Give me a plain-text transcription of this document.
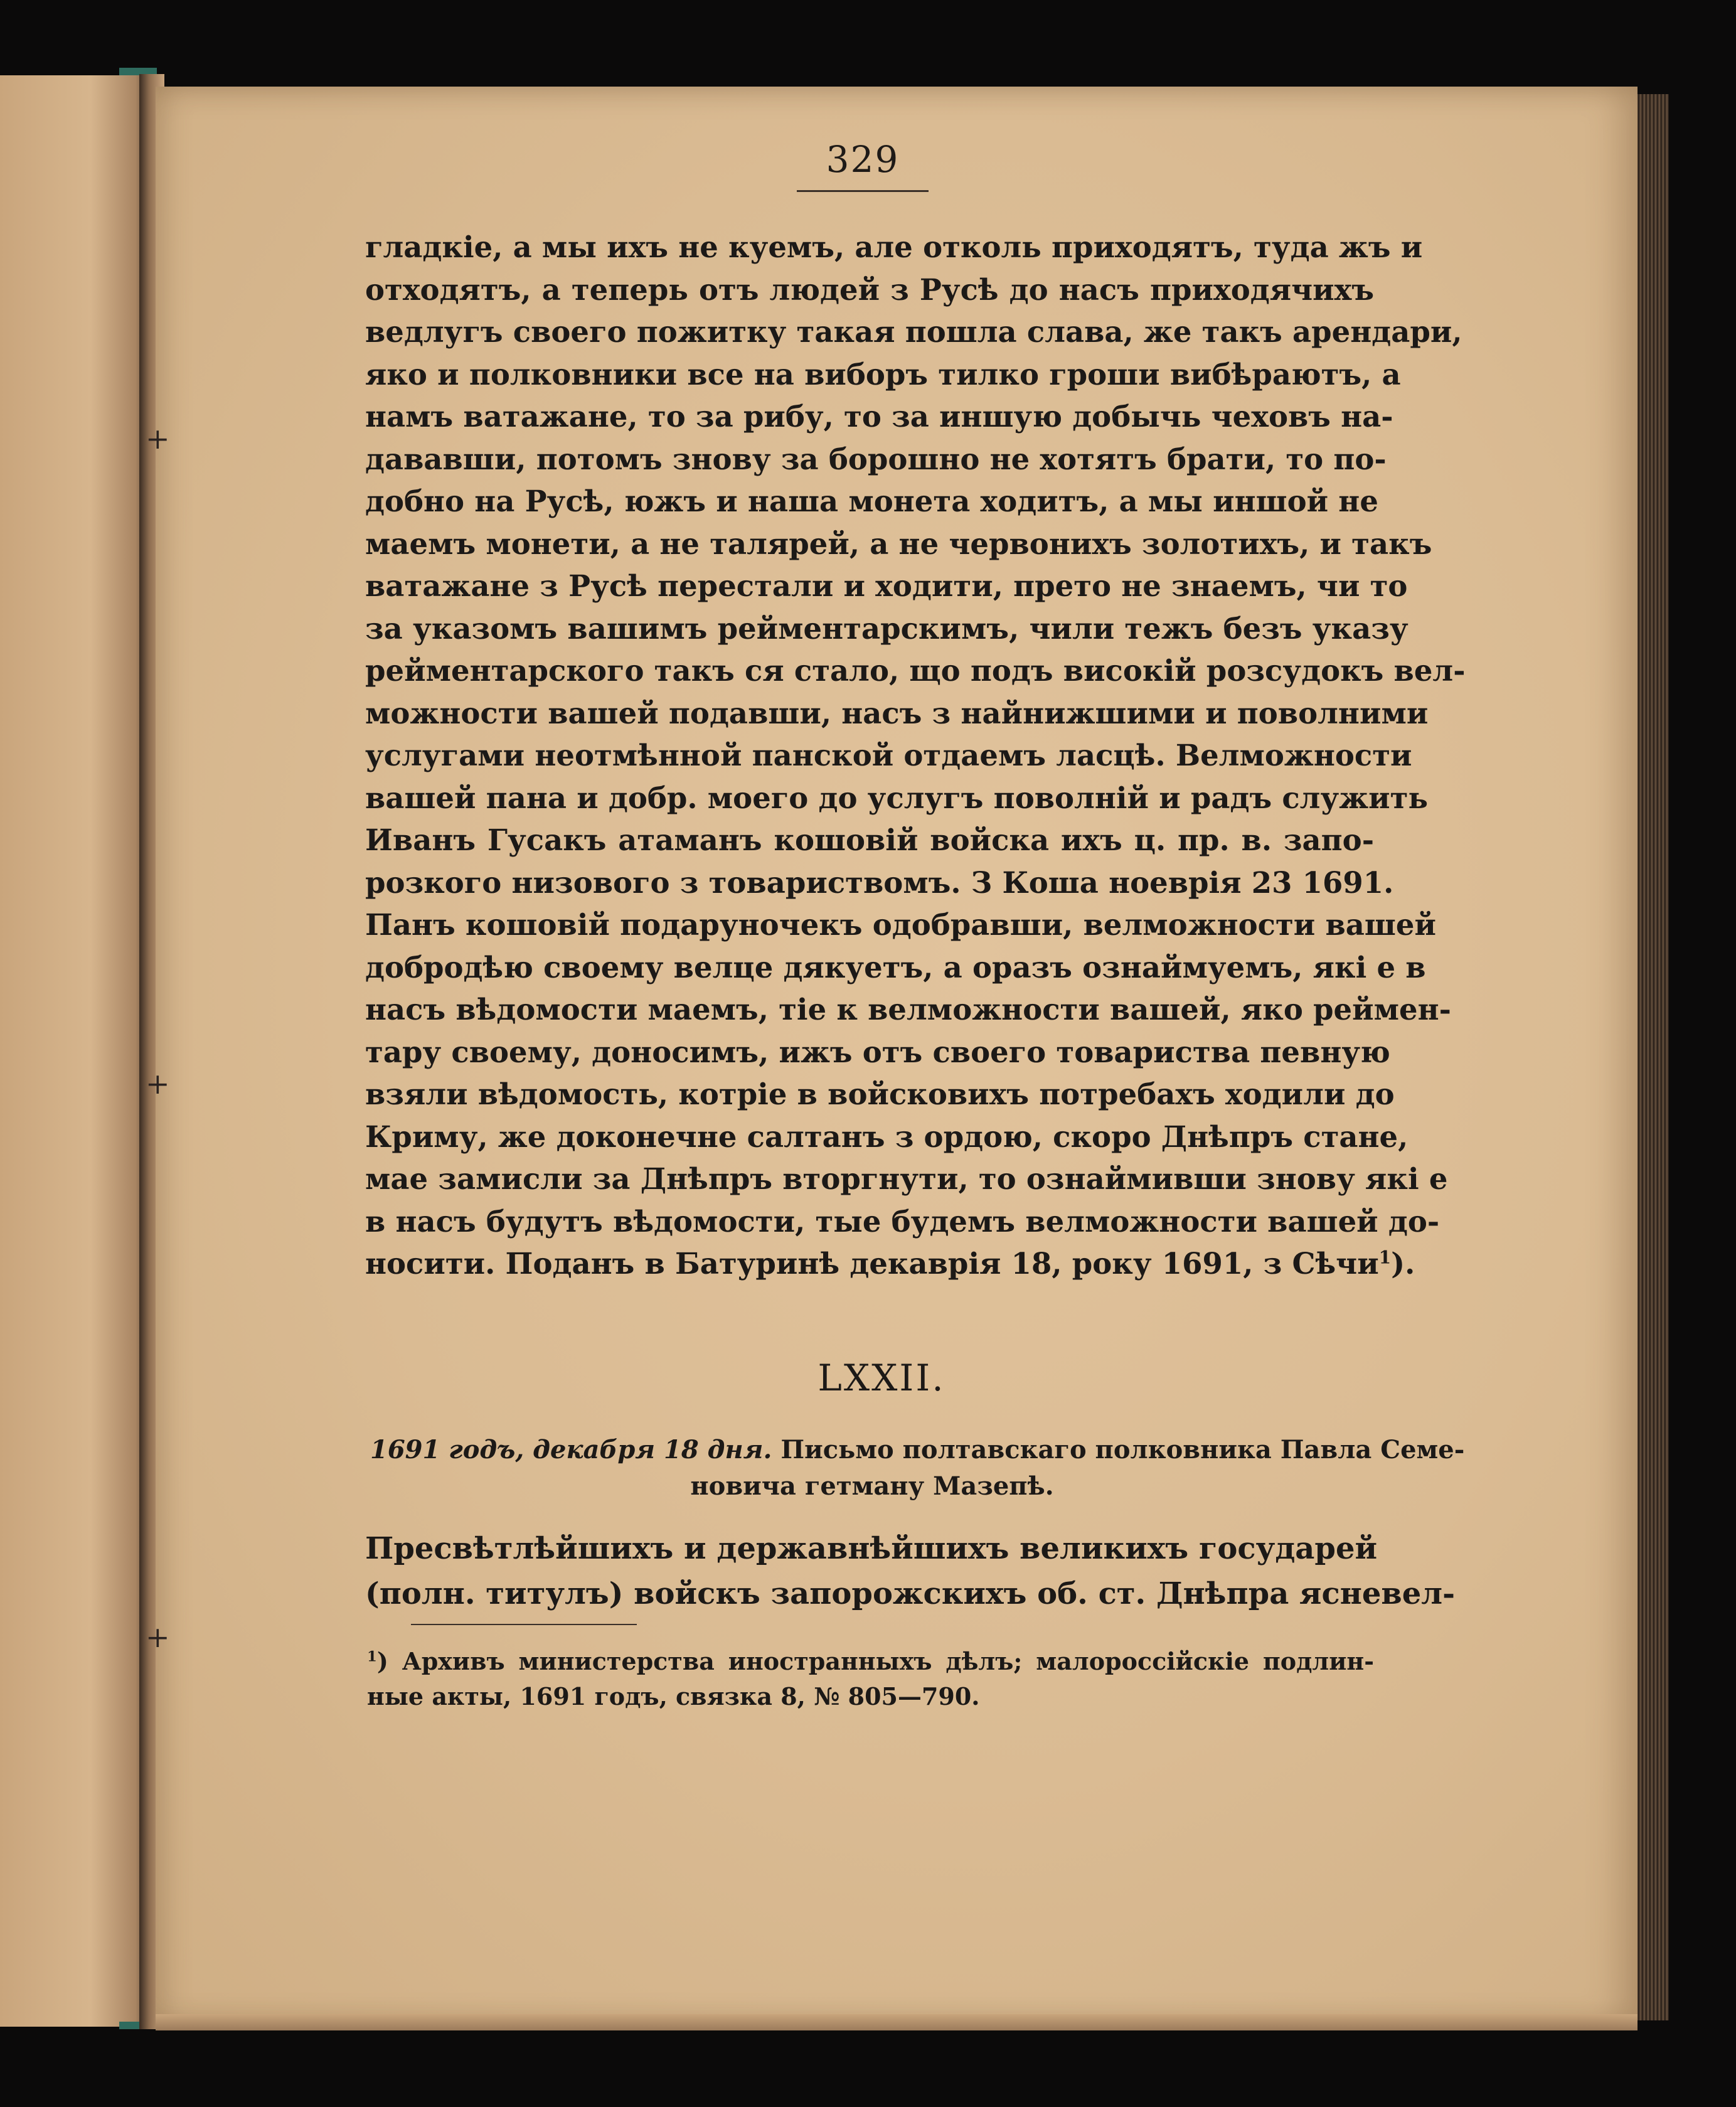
+
+
+
329
гладкіе, а мы ихъ не куемъ, але отколь приходятъ, туда жъ и
отходятъ, а теперь отъ людей з Русѣ до насъ приходячихъ
ведлугъ своего пожитку такая пошла слава, же такъ арендари,
яко и полковники все на виборъ тилко гроши вибѣраютъ, а
намъ ватажане, то за рибу, то за иншую добычь чеховъ на-
дававши, потомъ знову за борошно не хотятъ брати, то по-
добно на Русѣ, южъ и наша монета ходитъ, а мы иншой не
маемъ монети, а не талярей, а не червонихъ золотихъ, и такъ
ватажане з Русѣ перестали и ходити, прето не знаемъ, чи то
за указомъ вашимъ рейментарскимъ, чили тежъ безъ указу
рейментарского такъ ся стало, що подъ високій розсудокъ вел-
можности вашей подавши, насъ з найнижшими и поволними
услугами неотмѣнной панской отдаемъ ласцѣ. Велможности
вашей пана и добр. моего до услугъ поволній и радъ служить
Иванъ Гусакъ атаманъ кошовій войска ихъ ц. пр. в. запо-
розкого низового з товариствомъ. З Коша ноеврія 23 1691.
Панъ кошовій подаруночекъ одобравши, велможности вашей
добродѣю своему велце дякуетъ, а оразъ ознаймуемъ, які е в
насъ вѣдомости маемъ, тіе к велможности вашей, яко реймен-
тару своему, доносимъ, ижъ отъ своего товариства певную
взяли вѣдомость, котріе в войсковихъ потребахъ ходили до
Криму, же доконечне салтанъ з ордою, скоро Днѣпръ стане,
мае замисли за Днѣпръ вторгнути, то ознаймивши знову які е
в насъ будутъ вѣдомости, тые будемъ велможности вашей до-
носити. Поданъ в Батуринѣ декаврія 18, року 1691, з Сѣчи$^1$).
LXXII.
1691 годъ, декабря 18 дня. Письмо полтавскаго полковника Павла Семе-
новича гетману Мазепѣ.
Пресвѣтлѣйшихъ и державнѣйшихъ великихъ государей
(полн. титулъ) войскъ запорожскихъ об. ст. Днѣпра ясневел-
$^1$) Архивъ министерства иностранныхъ дѣлъ; малороссійскіе подлин-
ные акты, 1691 годъ, связка 8, № 805—790.
